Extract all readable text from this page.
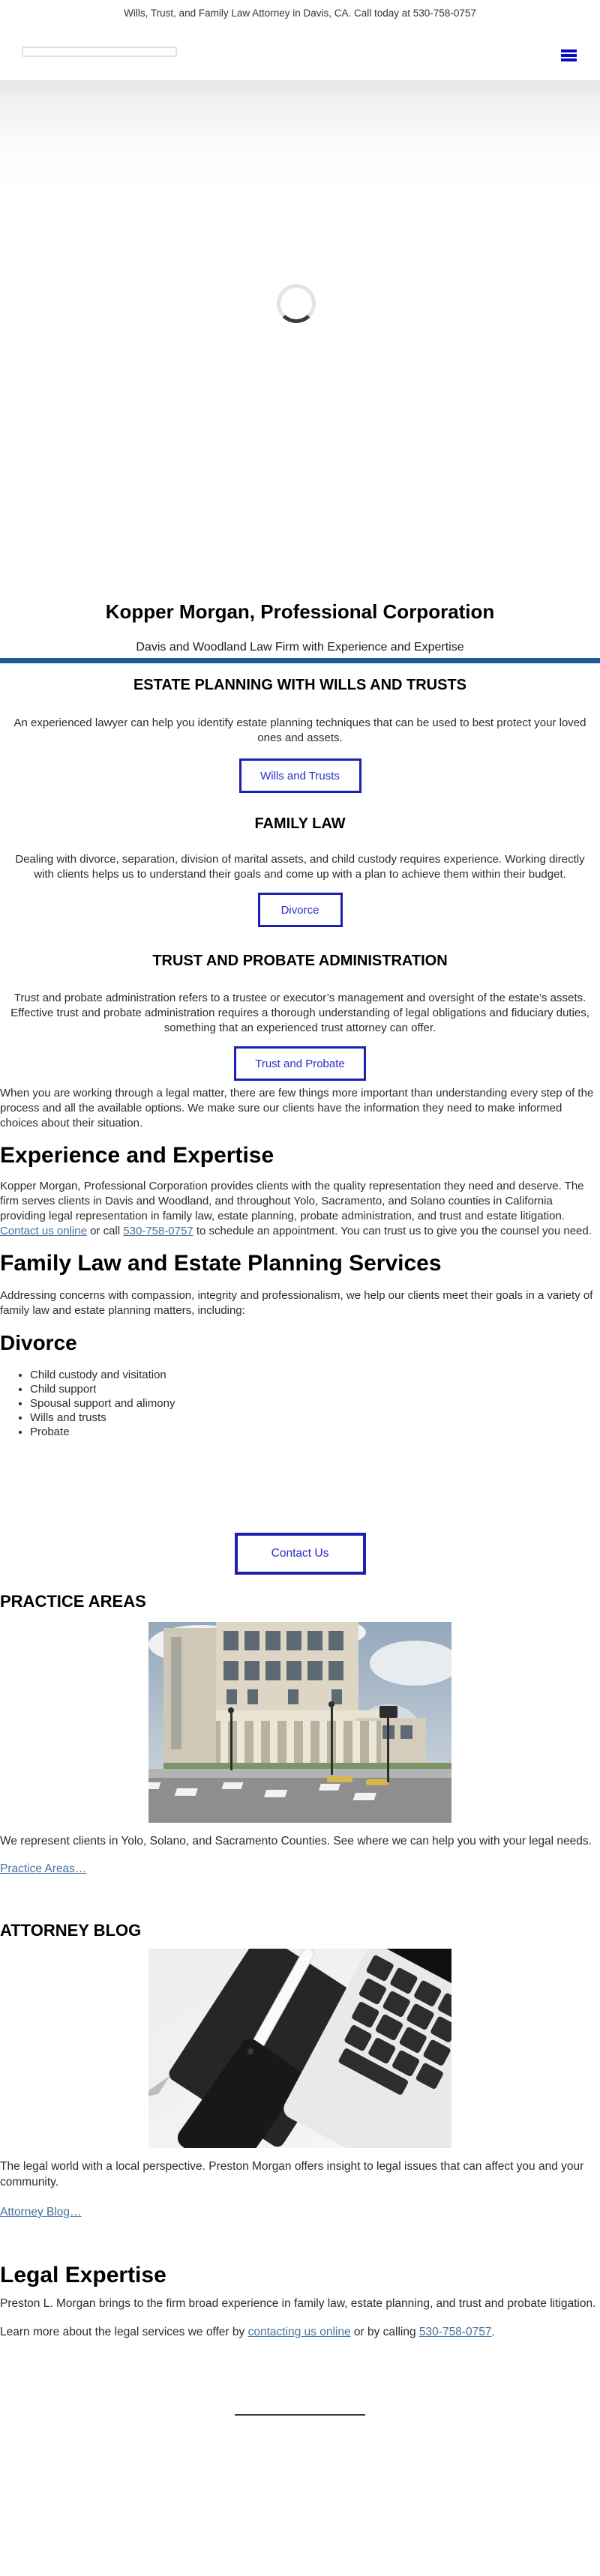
Wills, Trust, and Family Law Attorney in Davis, CA. Call today at 530-758-0757
Kopper Morgan, Professional Corporation

Davis and Woodland Law Firm with Experience and Expertise

ESTATE PLANNING WITH WILLS AND TRUSTS

An experienced lawyer can help you identify estate planning techniques that can be used to best protect your loved ones and assets.

Wills and Trusts
FAMILY LAW

Dealing with divorce, separation, division of marital assets, and child custody requires experience. Working directly with clients helps us to understand their goals and come up with a plan to achieve them within their budget.

Divorce
TRUST AND PROBATE ADMINISTRATION

Trust and probate administration refers to a trustee or executor’s management and oversight of the estate’s assets. Effective trust and probate administration requires a thorough understanding of legal obligations and fiduciary duties, something that an experienced trust attorney can offer.

Trust and Probate

When you are working through a legal matter, there are few things more important than understanding every step of the process and all the available options. We make sure our clients have the information they need to make informed choices about their situation.

Experience and Expertise

Kopper Morgan, Professional Corporation provides clients with the quality representation they need and deserve. The firm serves clients in Davis and Woodland, and throughout Yolo, Sacramento, and Solano counties in California providing legal representation in family law, estate planning, probate administration, and trust and estate litigation. Contact us online or call 530-758-0757 to schedule an appointment. You can trust us to give you the counsel you need.

Family Law and Estate Planning Services

Addressing concerns with compassion, integrity and professionalism, we help our clients meet their goals in a variety of family law and estate planning matters, including:

Divorce
• Child custody and visitation
• Child support
• Spousal support and alimony
• Wills and trusts
• Probate
Contact Us
PRACTICE AREAS

We represent clients in Yolo, Solano, and Sacramento Counties. See where we can help you with your legal needs.

Practice Areas…
ATTORNEY BLOG

The legal world with a local perspective. Preston Morgan offers insight to legal issues that can affect you and your community.

Attorney Blog…
Legal Expertise

Preston L. Morgan brings to the firm broad experience in family law, estate planning, and trust and probate litigation.

Learn more about the legal services we offer by contacting us online or by calling 530-758-0757.
